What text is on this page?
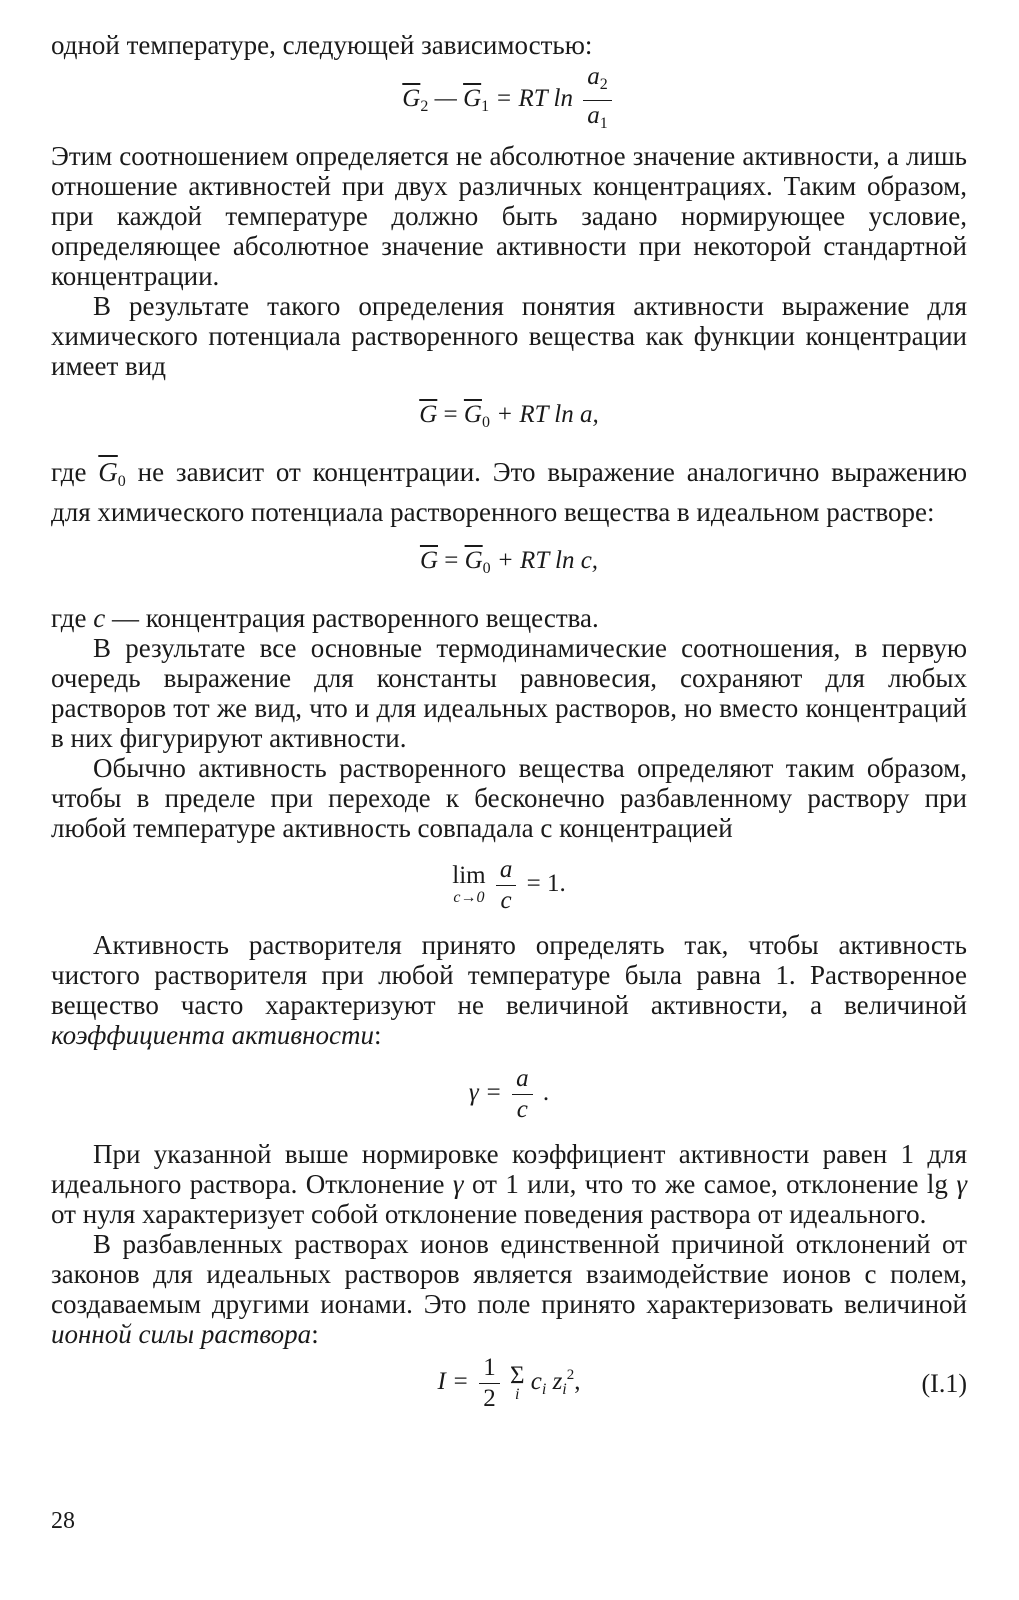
одной температуре, следующей зависимостью:

$\overline{G}_2$ — $\overline{G}_1$ = RT $\ln \frac{a_2}{a_1}$

Этим соотношением определяется не абсолютное значение активности, а лишь отношение активностей при двух различных концентрациях. Таким образом, при каждой температуре должно быть задано нормирующее условие, определяющее абсолютное значение активности при некоторой стандартной концентрации.

В результате такого определения понятия активности выражение для химического потенциала растворенного вещества как функции концентрации имеет вид

$\overline{G} = \overline{G}_0$ + RT ln a,

где $\overline{G}_0$ не зависит от концентрации. Это выражение аналогично выражению для химического потенциала растворенного вещества в идеальном растворе:

$\overline{G} = \overline{G}_0$ + RT ln c,

где c — концентрация растворенного вещества.

В результате все основные термодинамические соотношения, в первую очередь выражение для константы равновесия, сохраняют для любых растворов тот же вид, что и для идеальных растворов, но вместо концентраций в них фигурируют активности.

Обычно активность растворенного вещества определяют таким образом, чтобы в пределе при переходе к бесконечно разбавленному раствору при любой температуре активность совпадала с концентрацией

lim
c→0
$\frac{a}{c} = 1$.

Активность растворителя принято определять так, чтобы активность чистого растворителя при любой температуре была равна 1. Растворенное вещество часто характеризуют не величиной активности, а величиной коэффициента активности:

$\gamma = \frac{a}{c}$ .

При указанной выше нормировке коэффициент активности равен 1 для идеального раствора. Отклонение γ от 1 или, что то же самое, отклонение lg γ от нуля характеризует собой отклонение поведения раствора от идеального.

В разбавленных растворах ионов единственной причиной отклонений от законов для идеальных растворов является взаимодействие ионов с полем, создаваемым другими ионами. Это поле принято характеризовать величиной ионной силы раствора:

$I = \frac{1}{2}$ Σ
i $c_i$ $z_i^2$,	(I.1)
28
